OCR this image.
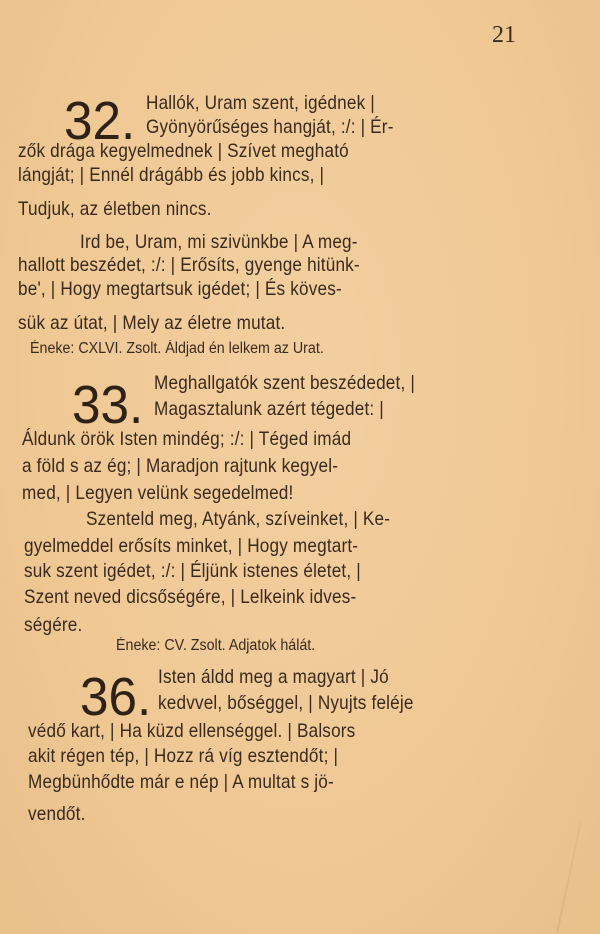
21
32. Hallók, Uram szent, igédnek |
Gyönyörűséges hangját, :/: | Ér-
zők drága kegyelmednek | Szívet megható
lángját; | Ennél drágább és jobb kincs, |
Tudjuk, az életben nincs.
Ird be, Uram, mi szivünkbe | A meg-
hallott beszédet, :/: | Erősíts, gyenge hitünk-
be', | Hogy megtartsuk igédet; | És köves-
sük az útat, | Mely az életre mutat.
Éneke: CXLVI. Zsolt. Áldjad én lelkem az Urat.
33. Meghallgatók szent beszédedet, |
Magasztalunk azért tégedet: |
Áldunk örök Isten mindég; :/: | Téged imád
a föld s az ég; | Maradjon rajtunk kegyel-
med, | Legyen velünk segedelmed!
Szenteld meg, Atyánk, szíveinket, | Ke-
gyelmeddel erősíts minket, | Hogy megtart-
suk szent igédet, :/: | Éljünk istenes életet, |
Szent neved dicsőségére, | Lelkeink idves-
ségére.
Éneke: CV. Zsolt. Adjatok hálát.
36. Isten áldd meg a magyart | Jó
kedvvel, bőséggel, | Nyujts feléje
védő kart, | Ha küzd ellenséggel. | Balsors
akit régen tép, | Hozz rá víg esztendőt; |
Megbünhődte már e nép | A multat s jö-
vendőt.
